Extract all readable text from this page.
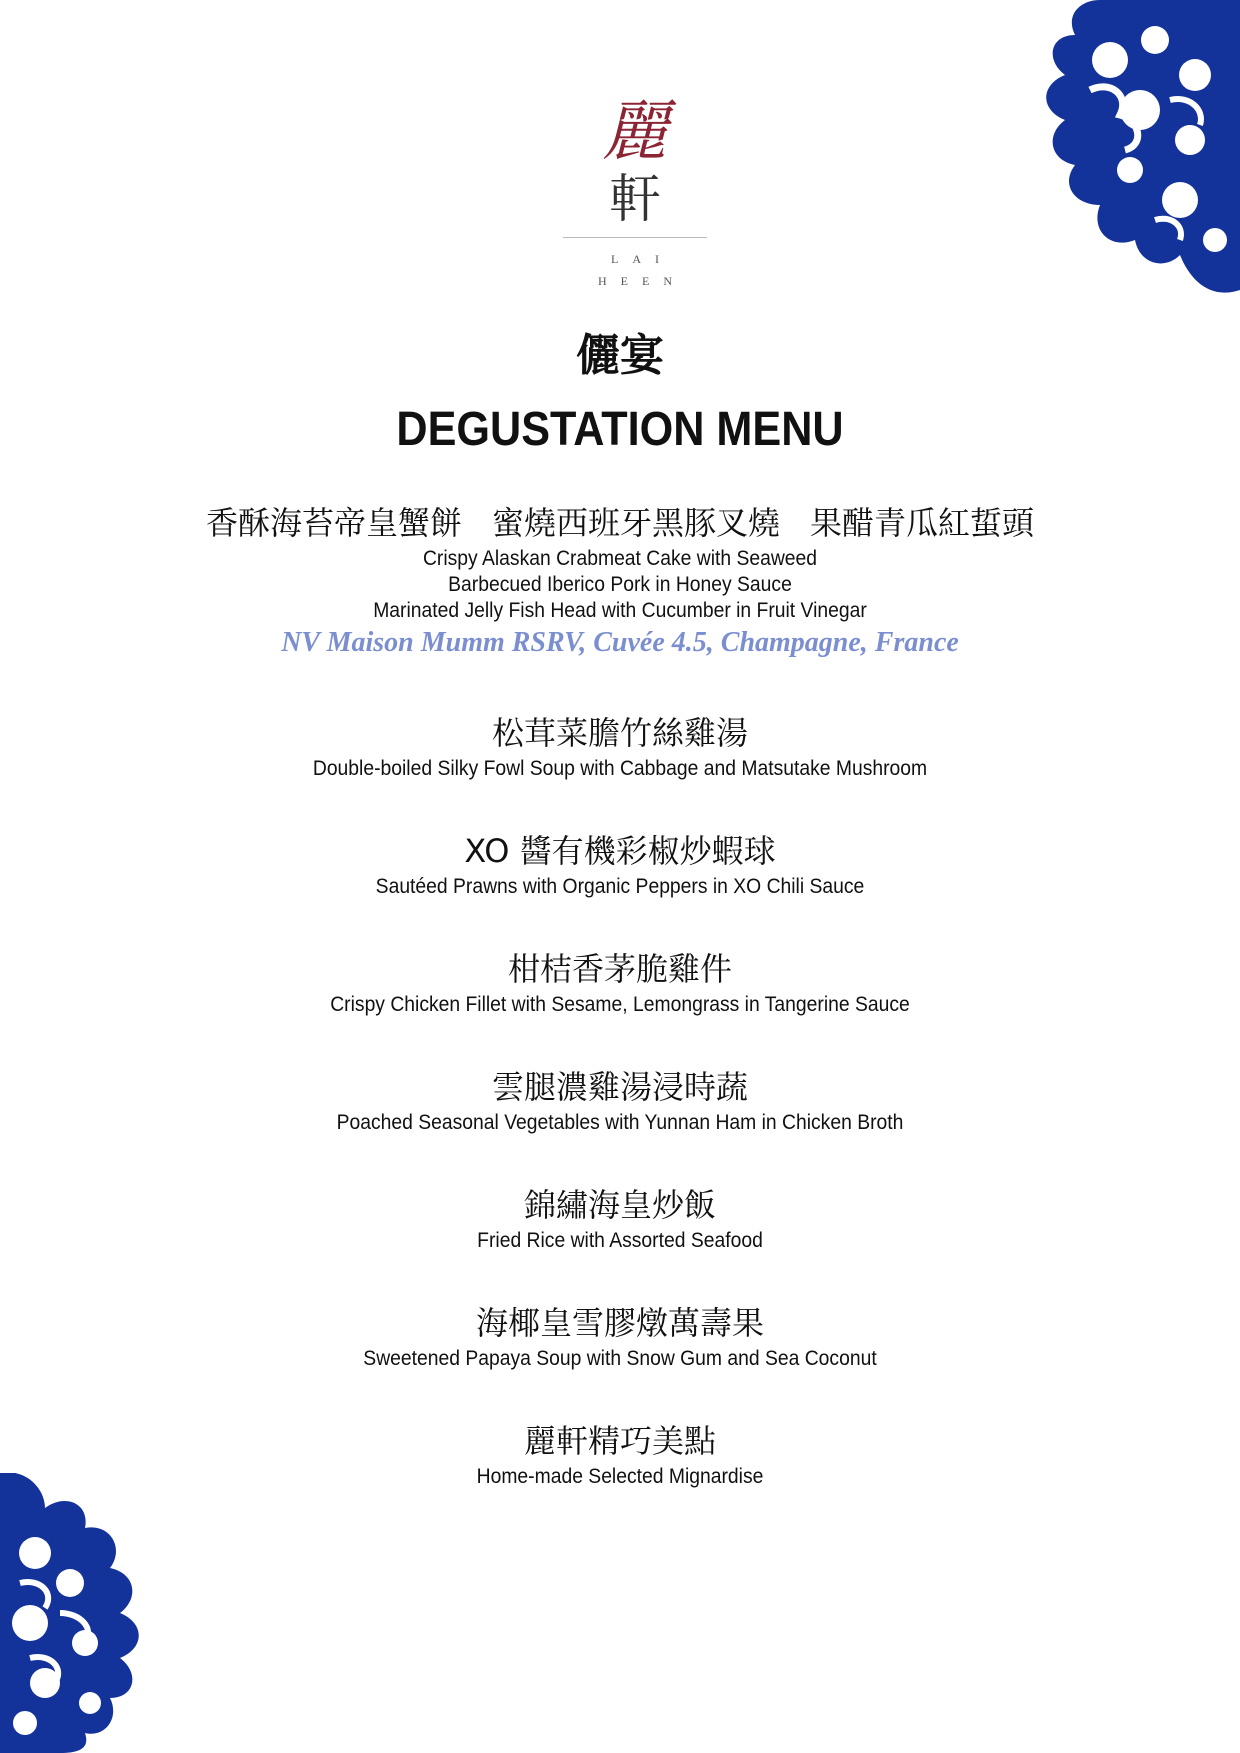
麗
軒
LAI
HEEN
儷宴
DEGUSTATION MENU
香酥海苔帝皇蟹餅 蜜燒西班牙黑豚叉燒 果醋青瓜紅蜇頭
Crispy Alaskan Crabmeat Cake with Seaweed
Barbecued Iberico Pork in Honey Sauce
Marinated Jelly Fish Head with Cucumber in Fruit Vinegar
NV Maison Mumm RSRV, Cuvée 4.5, Champagne, France
松茸菜膽竹絲雞湯
Double-boiled Silky Fowl Soup with Cabbage and Matsutake Mushroom
XO 醬有機彩椒炒蝦球
Sautéed Prawns with Organic Peppers in XO Chili Sauce
柑桔香茅脆雞件
Crispy Chicken Fillet with Sesame, Lemongrass in Tangerine Sauce
雲腿濃雞湯浸時蔬
Poached Seasonal Vegetables with Yunnan Ham in Chicken Broth
錦繡海皇炒飯
Fried Rice with Assorted Seafood
海椰皇雪膠燉萬壽果
Sweetened Papaya Soup with Snow Gum and Sea Coconut
麗軒精巧美點
Home-made Selected Mignardise
